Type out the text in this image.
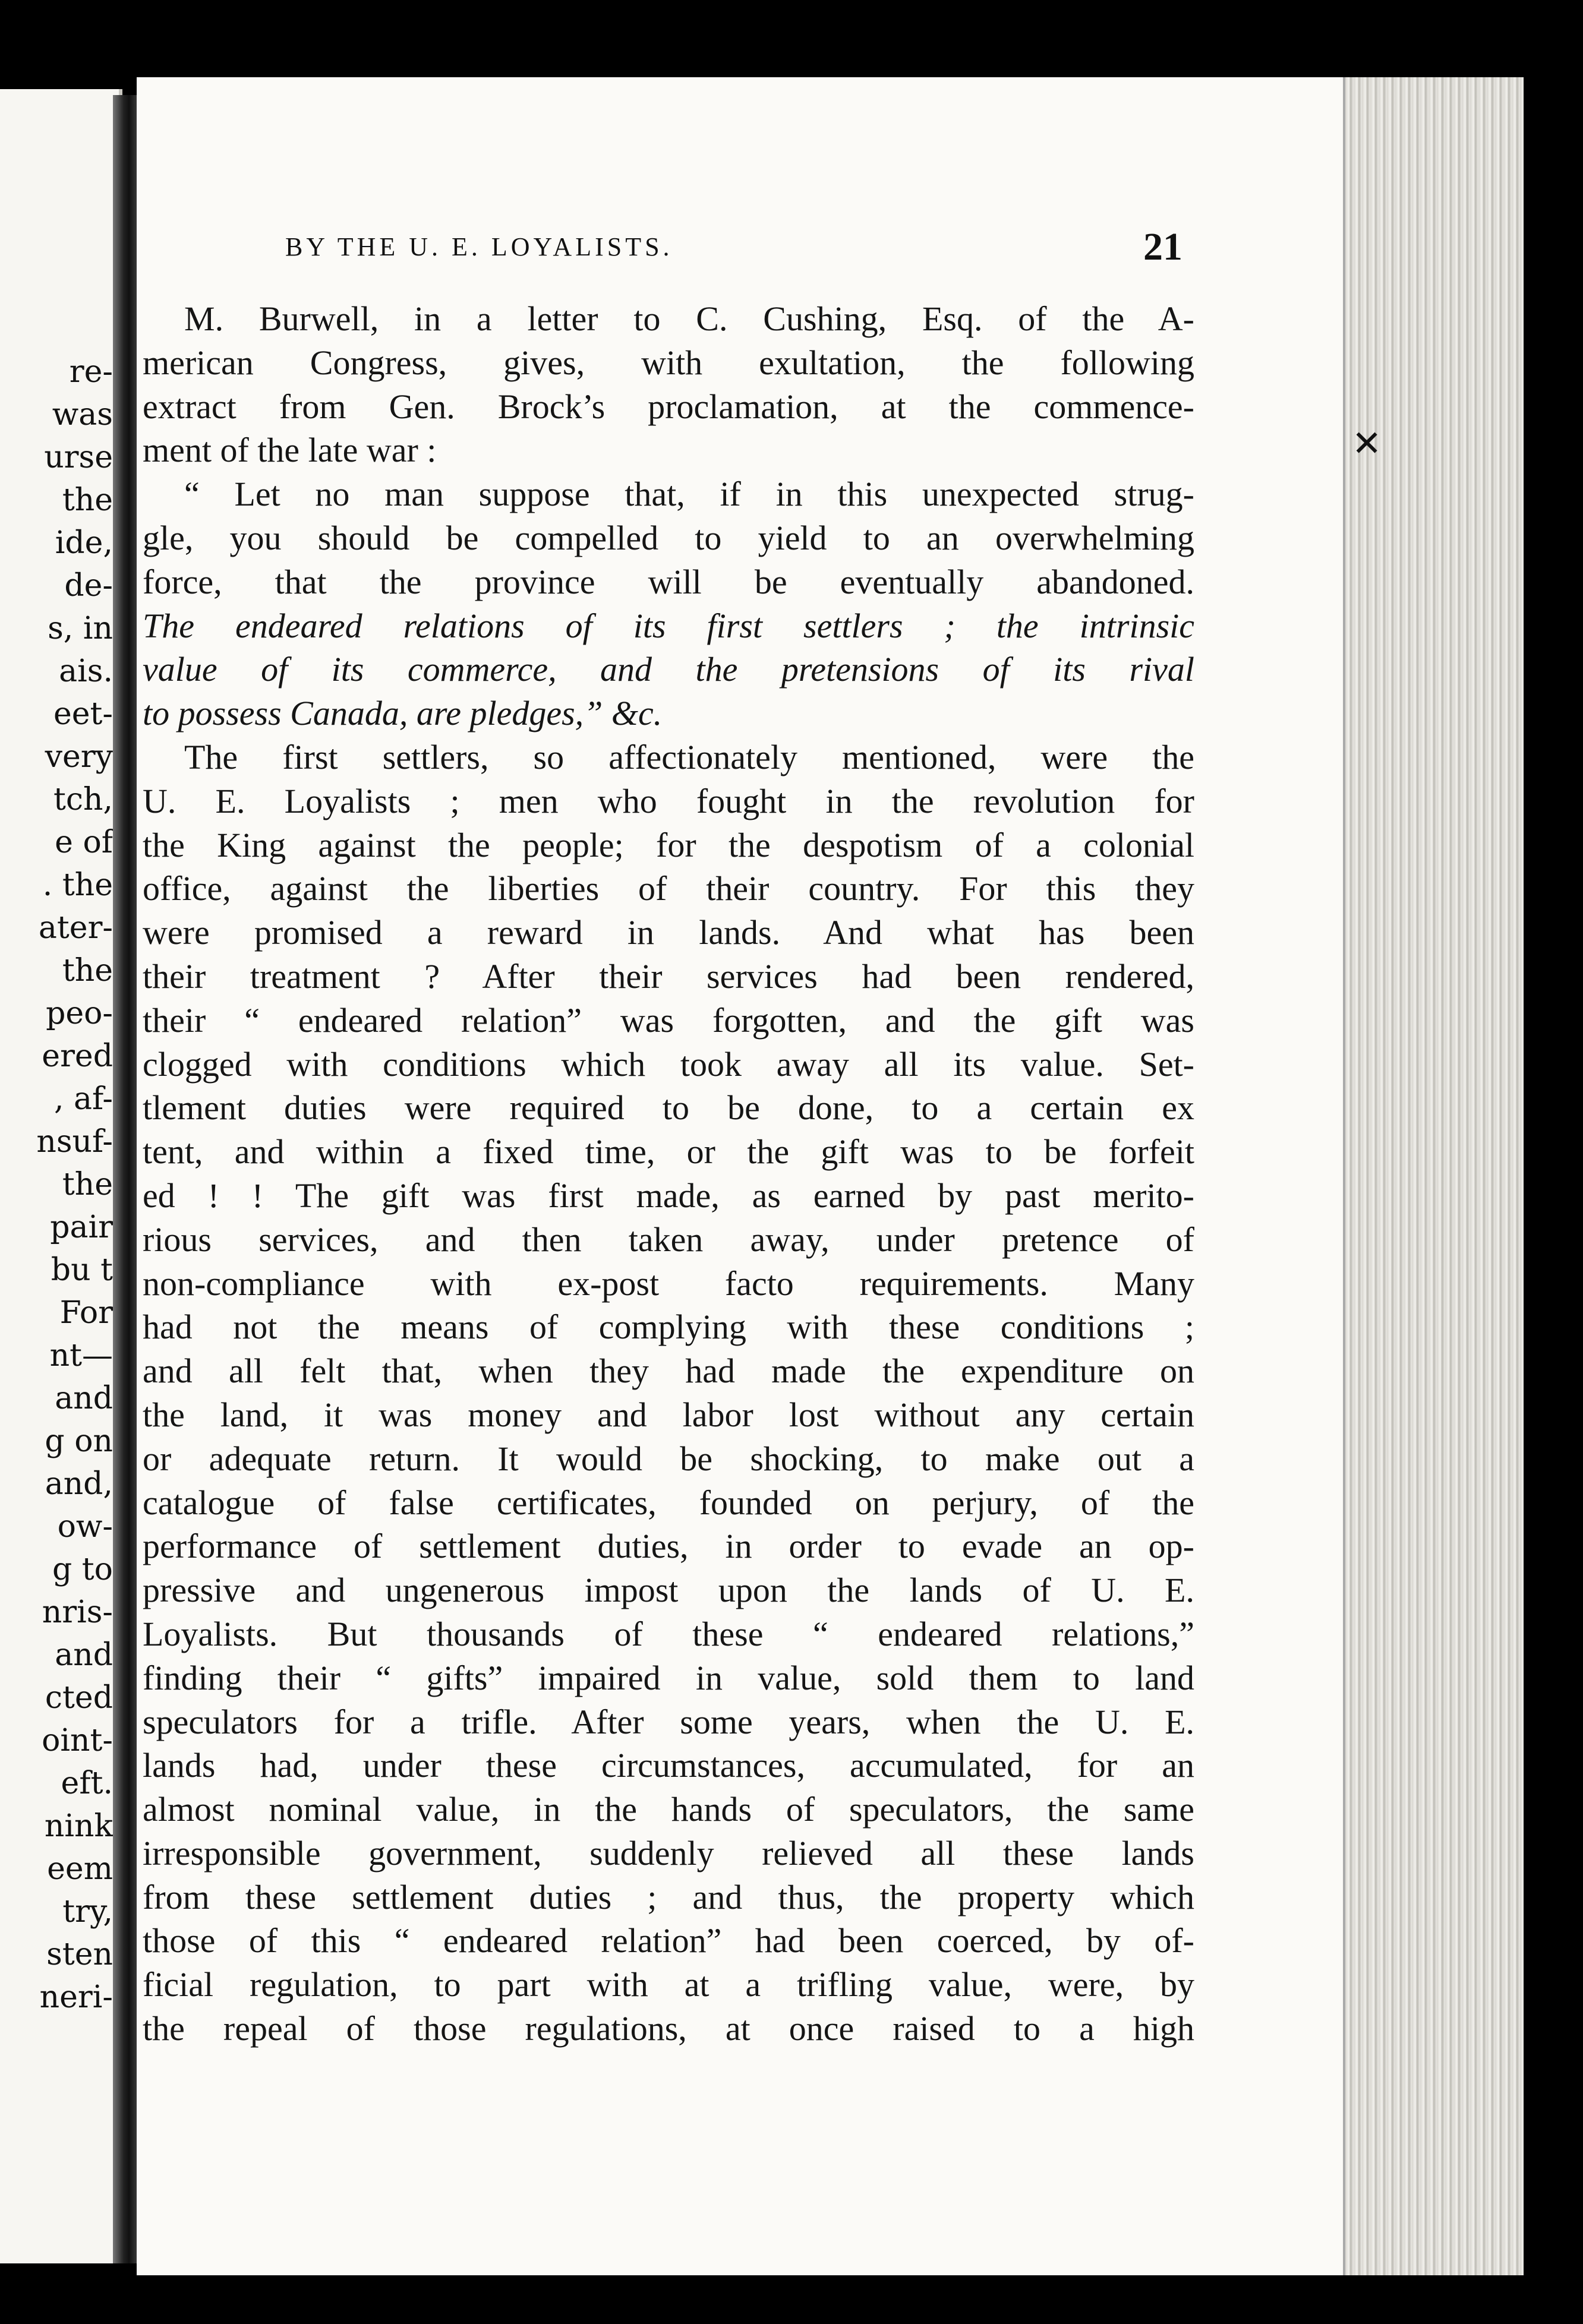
re-
was
urse
the
ide,
de-
s, in
ais.
eet-
very
tch,
e of
. the
ater-
the
peo-
ered
, af-
nsuf-
the
pair
bu t
For
nt—
and
g on
and,
ow-
g to
nris-
and
cted
oint-
eft.
nink
eem
try,
sten
neri-
✕
BY THE U. E. LOYALISTS.	21
M. Burwell, in a letter to C. Cushing, Esq. of the A-
merican Congress, gives, with exultation, the following
extract from Gen. Brock’s proclamation, at the commence-
ment of the late war :
“ Let no man suppose that, if in this unexpected strug-
gle, you should be compelled to yield to an overwhelming
force, that the province will be eventually abandoned.
The endeared relations of its first settlers ; the intrinsic
value of its commerce, and the pretensions of its rival
to possess Canada, are pledges,” &c.
The first settlers, so affectionately mentioned, were the
U. E. Loyalists ; men who fought in the revolution for
the King against the people; for the despotism of a colonial
office, against the liberties of their country. For this they
were promised a reward in lands. And what has been
their treatment ? After their services had been rendered,
their “ endeared relation” was forgotten, and the gift was
clogged with conditions which took away all its value. Set-
tlement duties were required to be done, to a certain ex
tent, and within a fixed time, or the gift was to be forfeit
ed ! ! The gift was first made, as earned by past merito-
rious services, and then taken away, under pretence of
non-compliance with ex-post facto requirements. Many
had not the means of complying with these conditions ;
and all felt that, when they had made the expenditure on
the land, it was money and labor lost without any certain
or adequate return. It would be shocking, to make out a
catalogue of false certificates, founded on perjury, of the
performance of settlement duties, in order to evade an op-
pressive and ungenerous impost upon the lands of U. E.
Loyalists. But thousands of these “ endeared relations,”
finding their “ gifts” impaired in value, sold them to land
speculators for a trifle. After some years, when the U. E.
lands had, under these circumstances, accumulated, for an
almost nominal value, in the hands of speculators, the same
irresponsible government, suddenly relieved all these lands
from these settlement duties ; and thus, the property which
those of this “ endeared relation” had been coerced, by of-
ficial regulation, to part with at a trifling value, were, by
the repeal of those regulations, at once raised to a high
